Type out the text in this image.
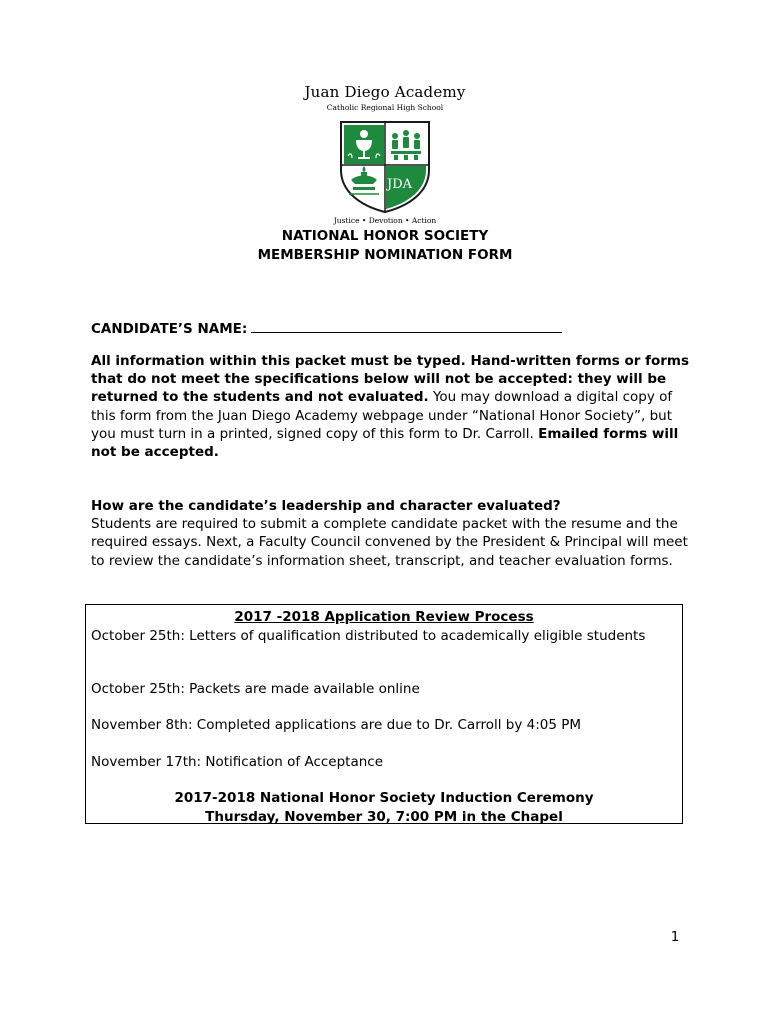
Juan Diego Academy
Catholic Regional High School
JDA
Justice • Devotion • Action
NATIONAL HONOR SOCIETY
MEMBERSHIP NOMINATION FORM
CANDIDATE’S NAME:
All information within this packet must be typed. Hand-written forms or forms that do not meet the specifications below will not be accepted: they will be returned to the students and not evaluated. You may download a digital copy of this form from the Juan Diego Academy webpage under “National Honor Society”, but you must turn in a printed, signed copy of this form to Dr. Carroll. Emailed forms will not be accepted.
How are the candidate’s leadership and character evaluated?
Students are required to submit a complete candidate packet with the resume and the required essays. Next, a Faculty Council convened by the President & Principal will meet to review the candidate’s information sheet, transcript, and teacher evaluation forms.
2017 -2018 Application Review Process
October 25th: Letters of qualification distributed to academically eligible students
October 25th: Packets are made available online
November 8th: Completed applications are due to Dr. Carroll by 4:05 PM
November 17th: Notification of Acceptance
2017-2018 National Honor Society Induction Ceremony
Thursday, November 30, 7:00 PM in the Chapel
1
